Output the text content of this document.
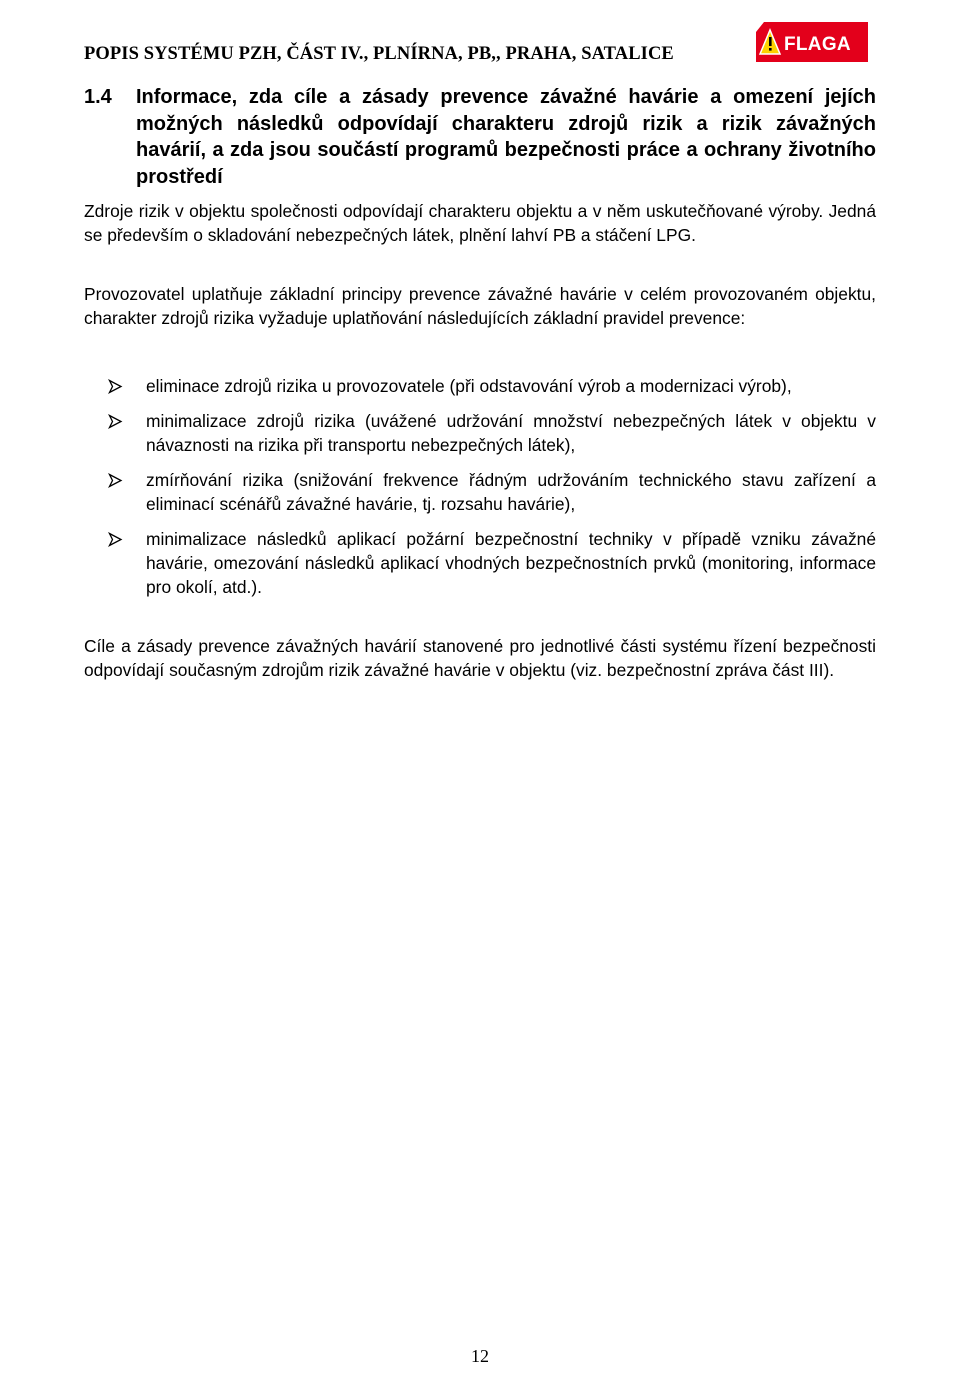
POPIS SYSTÉMU PZH, ČÁST IV., PLNÍRNA, PB,, PRAHA, SATALICE	FLAGA
1.4 Informace, zda cíle a zásady prevence závažné havárie a omezení jejích možných následků odpovídají charakteru zdrojů rizik a rizik závažných havárií, a zda jsou součástí programů bezpečnosti práce a ochrany životního prostředí
Zdroje rizik v objektu společnosti odpovídají charakteru objektu a v něm uskutečňované výroby. Jedná se především o skladování nebezpečných látek, plnění lahví PB a stáčení LPG.
Provozovatel uplatňuje základní principy prevence závažné havárie v celém provozovaném objektu, charakter zdrojů rizika vyžaduje uplatňování následujících základní pravidel prevence:
eliminace zdrojů rizika u provozovatele (při odstavování výrob a modernizaci výrob),
minimalizace zdrojů rizika (uvážené udržování množství nebezpečných látek v objektu v návaznosti na rizika při transportu nebezpečných látek),
zmírňování rizika (snižování frekvence řádným udržováním technického stavu zařízení a eliminací scénářů závažné havárie, tj. rozsahu havárie),
minimalizace následků aplikací požární bezpečnostní techniky v případě vzniku závažné havárie, omezování následků aplikací vhodných bezpečnostních prvků (monitoring, informace pro okolí, atd.).
Cíle a zásady prevence závažných havárií stanovené pro jednotlivé části systému řízení bezpečnosti odpovídají současným zdrojům rizik závažné havárie v objektu (viz. bezpečnostní zpráva část III).
12
